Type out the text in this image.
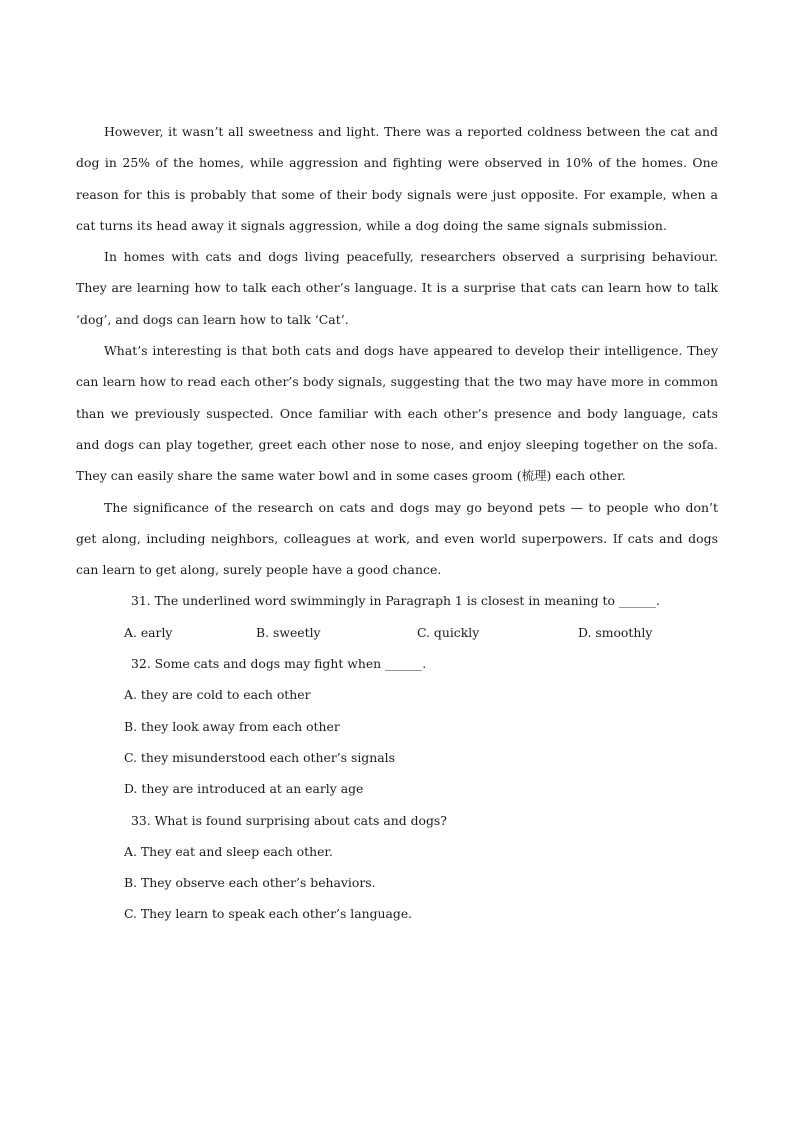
However, it wasn’t all sweetness and light. There was a reported coldness between the cat and dog in 25% of the homes, while aggression and fighting were observed in 10% of the homes. One reason for this is probably that some of their body signals were just opposite. For example, when a cat turns its head away it signals aggression, while a dog doing the same signals submission.

In homes with cats and dogs living peacefully, researchers observed a surprising behaviour. They are learning how to talk each other’s language. It is a surprise that cats can learn how to talk ‘dog’, and dogs can learn how to talk ‘Cat’.

What’s interesting is that both cats and dogs have appeared to develop their intelligence. They can learn how to read each other’s body signals, suggesting that the two may have more in common than we previously suspected. Once familiar with each other’s presence and body language, cats and dogs can play together, greet each other nose to nose, and enjoy sleeping together on the sofa. They can easily share the same water bowl and in some cases groom (梳理) each other.

The significance of the research on cats and dogs may go beyond pets — to people who don’t get along, including neighbors, colleagues at work, and even world superpowers. If cats and dogs can learn to get along, surely people have a good chance.

31. The underlined word swimmingly in Paragraph 1 is closest in meaning to ______.

A. early	B. sweetly	C. quickly	D. smoothly

32. Some cats and dogs may fight when ______.

A. they are cold to each other

B. they look away from each other

C. they misunderstood each other’s signals

D. they are introduced at an early age

33. What is found surprising about cats and dogs?

A. They eat and sleep each other.

B. They observe each other’s behaviors.

C. They learn to speak each other’s language.
